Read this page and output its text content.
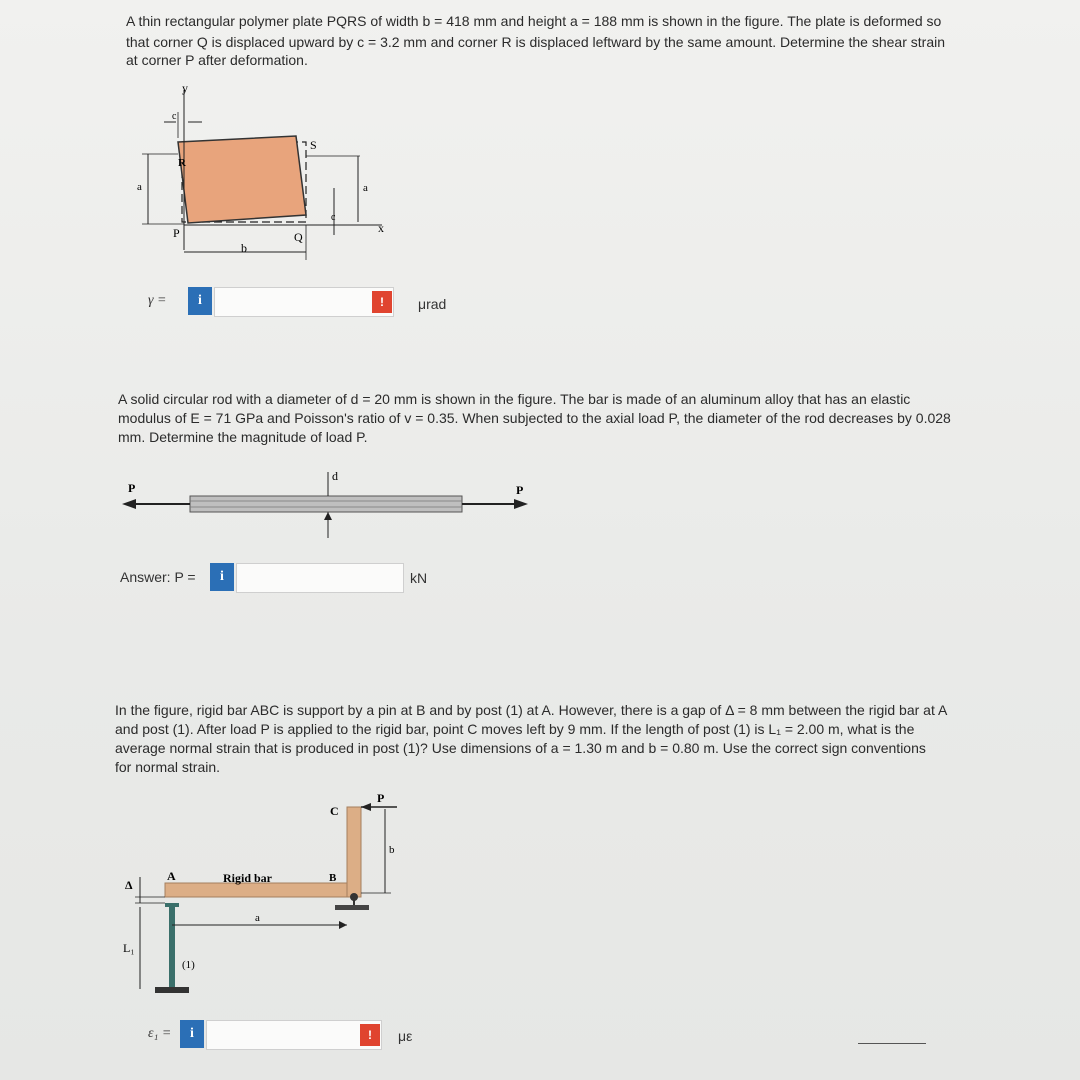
A thin rectangular polymer plate PQRS of width b = 418 mm and height a = 188 mm is shown in the figure. The plate is deformed so
that corner Q is displaced upward by c = 3.2 mm and corner R is displaced leftward by the same amount. Determine the shear strain
at corner P after deformation.
y
c
a
R
S
a
c
x
P	Q
b
γ =	i	!	μrad
A solid circular rod with a diameter of d = 20 mm is shown in the figure. The bar is made of an aluminum alloy that has an elastic
modulus of E = 71 GPa and Poisson's ratio of v = 0.35. When subjected to the axial load P, the diameter of the rod decreases by 0.028
mm. Determine the magnitude of load P.
P	P
d
Answer: P =	i	kN
In the figure, rigid bar ABC is support by a pin at B and by post (1) at A. However, there is a gap of Δ = 8 mm between the rigid bar at A
and post (1). After load P is applied to the rigid bar, point C moves left by 9 mm. If the length of post (1) is L₁ = 2.00 m, what is the
average normal strain that is produced in post (1)? Use dimensions of a = 1.30 m and b = 0.80 m. Use the correct sign conventions
for normal strain.
(1)
Δ
L₁
A	Rigid bar	B
C
P
b
a
ε₁ =	i	!	με
